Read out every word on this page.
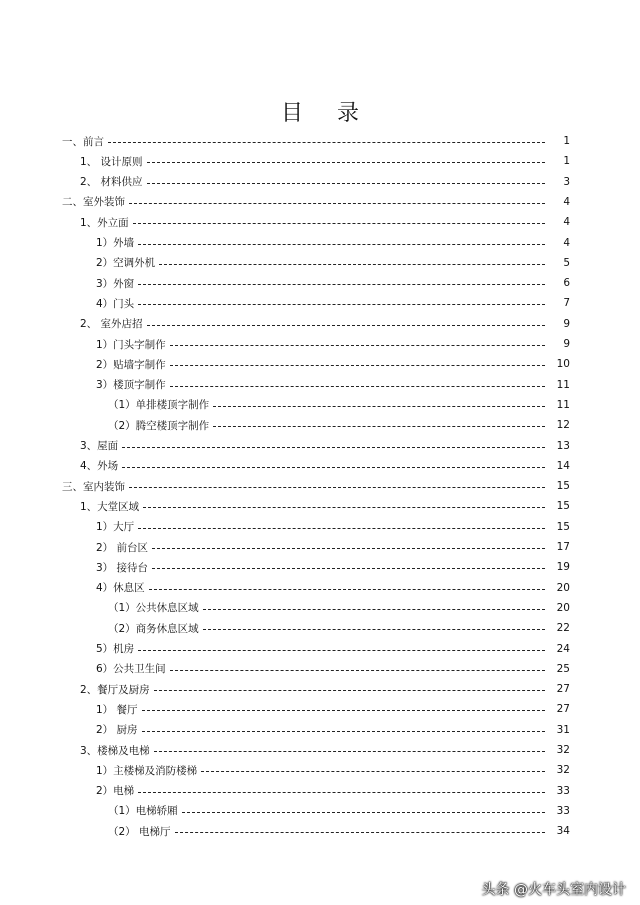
目 录
一、前言	1
1、 设计原则	1
2、 材料供应	3
二、室外装饰	4
1、外立面	4
1）外墙	4
2）空调外机	5
3）外窗	6
4）门头	7
2、 室外店招	9
1）门头字制作	9
2）贴墙字制作	10
3）楼顶字制作	11
（1）单排楼顶字制作	11
（2）腾空楼顶字制作	12
3、屋面	13
4、外场	14
三、室内装饰	15
1、大堂区域	15
1）大厅	15
2） 前台区	17
3） 接待台	19
4）休息区	20
（1）公共休息区域	20
（2）商务休息区域	22
5）机房	24
6）公共卫生间	25
2、餐厅及厨房	27
1） 餐厅	27
2） 厨房	31
3、楼梯及电梯	32
1）主楼梯及消防楼梯	32
2）电梯	33
（1）电梯轿厢	33
（2） 电梯厅	34
头条 @火车头室内设计
